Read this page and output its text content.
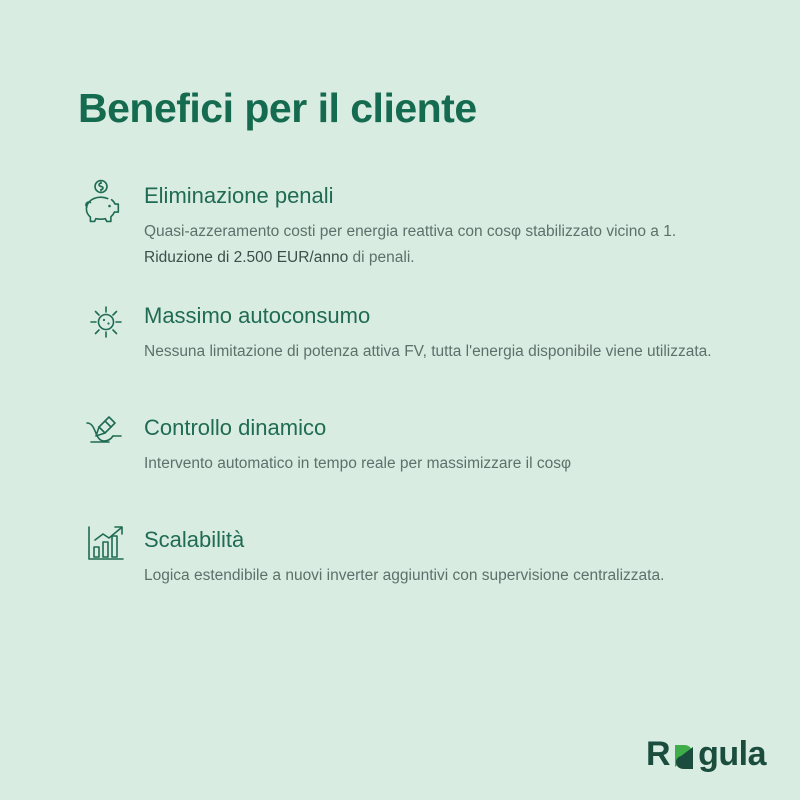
Benefici per il cliente
Eliminazione penali

Quasi-azzeramento costi per energia reattiva con cosφ stabilizzato vicino a 1. Riduzione di 2.500 EUR/anno di penali.

Massimo autoconsumo

Nessuna limitazione di potenza attiva FV, tutta l'energia disponibile viene utilizzata.

Controllo dinamico

Intervento automatico in tempo reale per massimizzare il cosφ

Scalabilità

Logica estendibile a nuovi inverter aggiuntivi con supervisione centralizzata.

R gula
